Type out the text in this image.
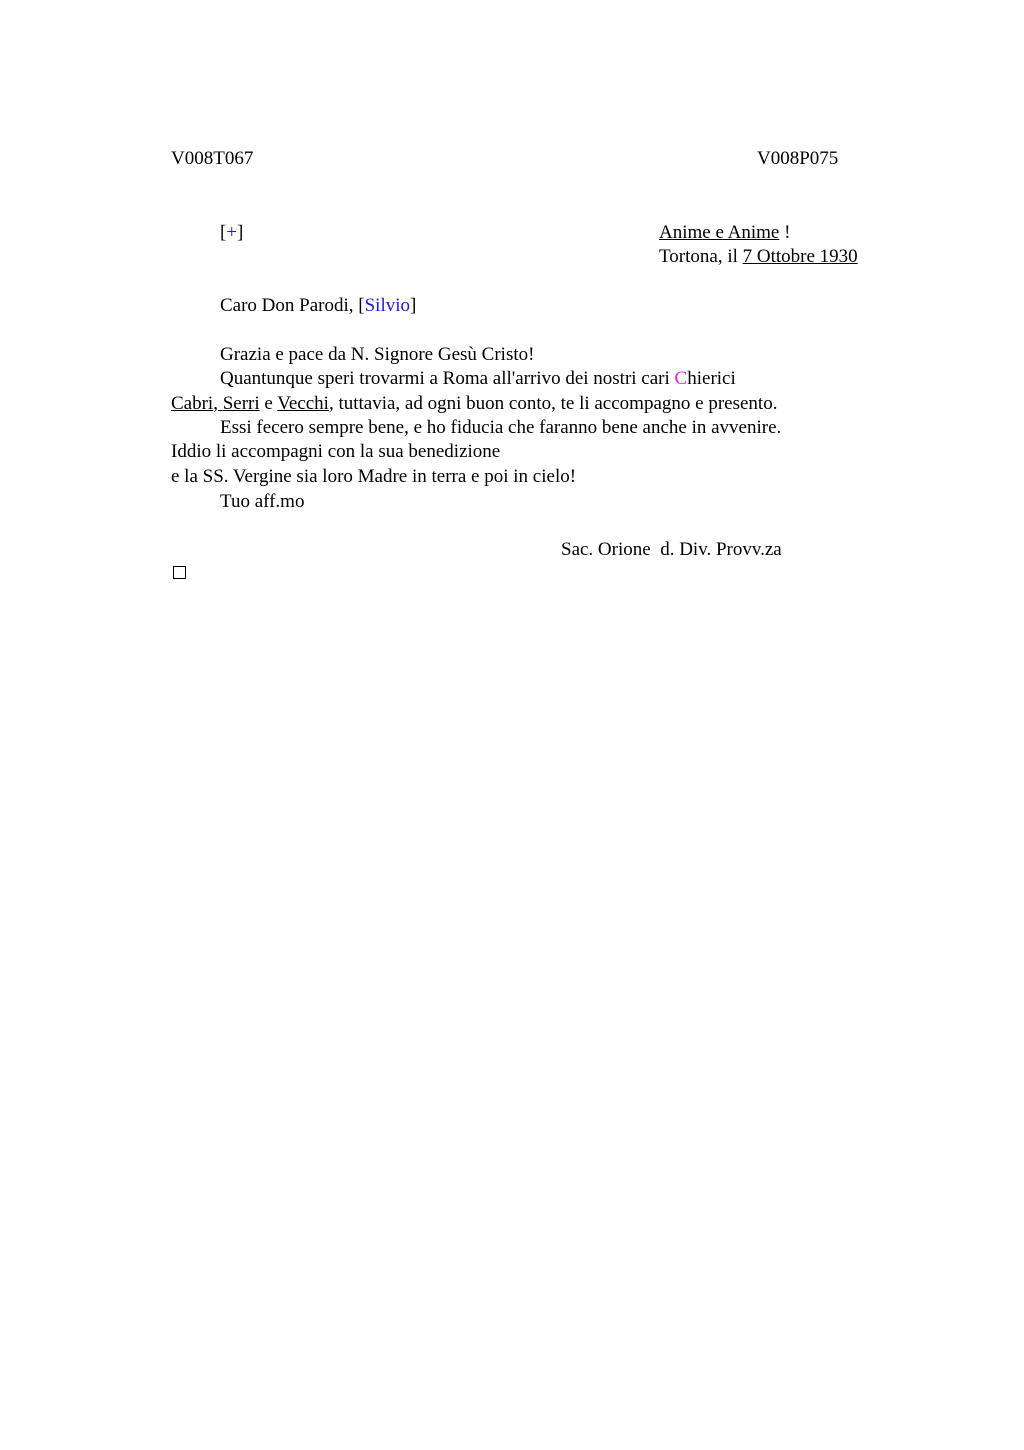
V008T067	V008P075
[+]	Anime e Anime !
Tortona, il 7 Ottobre 1930
Caro Don Parodi, [Silvio]
Grazia e pace da N. Signore Gesù Cristo!
Quantunque speri trovarmi a Roma all'arrivo dei nostri cari Chierici
Cabri, Serri e Vecchi, tuttavia, ad ogni buon conto, te li accompagno e presento.
Essi fecero sempre bene, e ho fiducia che faranno bene anche in avvenire.
Iddio li accompagni con la sua benedizione
e la SS. Vergine sia loro Madre in terra e poi in cielo!
Tuo aff.mo
Sac. Orione  d. Div. Provv.za
